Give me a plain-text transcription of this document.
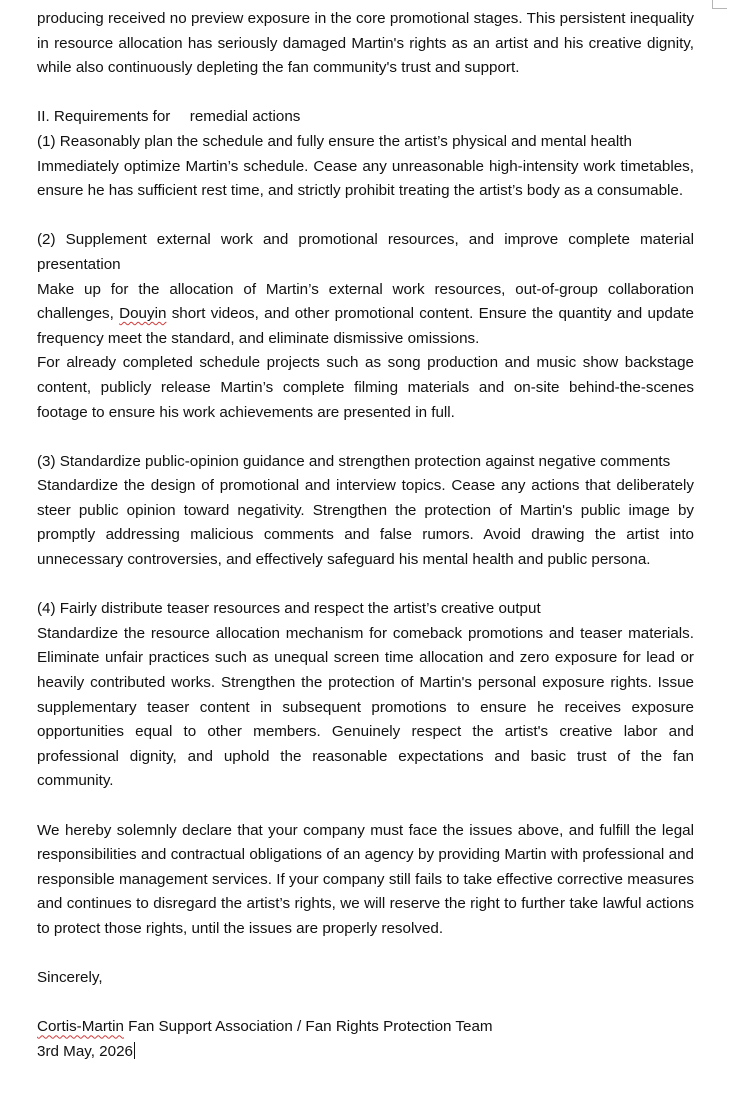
producing received no preview exposure in the core promotional stages. This persistent inequality in resource allocation has seriously damaged Martin's rights as an artist and his creative dignity, while also continuously depleting the fan community's trust and support.

II. Requirements for  remedial actions

(1) Reasonably plan the schedule and fully ensure the artist’s physical and mental health

Immediately optimize Martin’s schedule. Cease any unreasonable high-intensity work timetables, ensure he has sufficient rest time, and strictly prohibit treating the artist’s body as a consumable.

(2) Supplement external work and promotional resources, and improve complete material presentation

Make up for the allocation of Martin’s external work resources, out-of-group collaboration challenges, Douyin short videos, and other promotional content. Ensure the quantity and update frequency meet the standard, and eliminate dismissive omissions.

For already completed schedule projects such as song production and music show backstage content, publicly release Martin’s complete filming materials and on-site behind-the-scenes footage to ensure his work achievements are presented in full.

(3) Standardize public-opinion guidance and strengthen protection against negative comments

Standardize the design of promotional and interview topics. Cease any actions that deliberately steer public opinion toward negativity. Strengthen the protection of Martin's public image by promptly addressing malicious comments and false rumors. Avoid drawing the artist into unnecessary controversies, and effectively safeguard his mental health and public persona.

(4) Fairly distribute teaser resources and respect the artist’s creative output

Standardize the resource allocation mechanism for comeback promotions and teaser materials. Eliminate unfair practices such as unequal screen time allocation and zero exposure for lead or heavily contributed works. Strengthen the protection of Martin's personal exposure rights. Issue supplementary teaser content in subsequent promotions to ensure he receives exposure opportunities equal to other members. Genuinely respect the artist's creative labor and professional dignity, and uphold the reasonable expectations and basic trust of the fan community.

We hereby solemnly declare that your company must face the issues above, and fulfill the legal responsibilities and contractual obligations of an agency by providing Martin with professional and responsible management services. If your company still fails to take effective corrective measures and continues to disregard the artist’s rights, we will reserve the right to further take lawful actions to protect those rights, until the issues are properly resolved.

Sincerely,

Cortis-Martin Fan Support Association / Fan Rights Protection Team

3rd May, 2026
